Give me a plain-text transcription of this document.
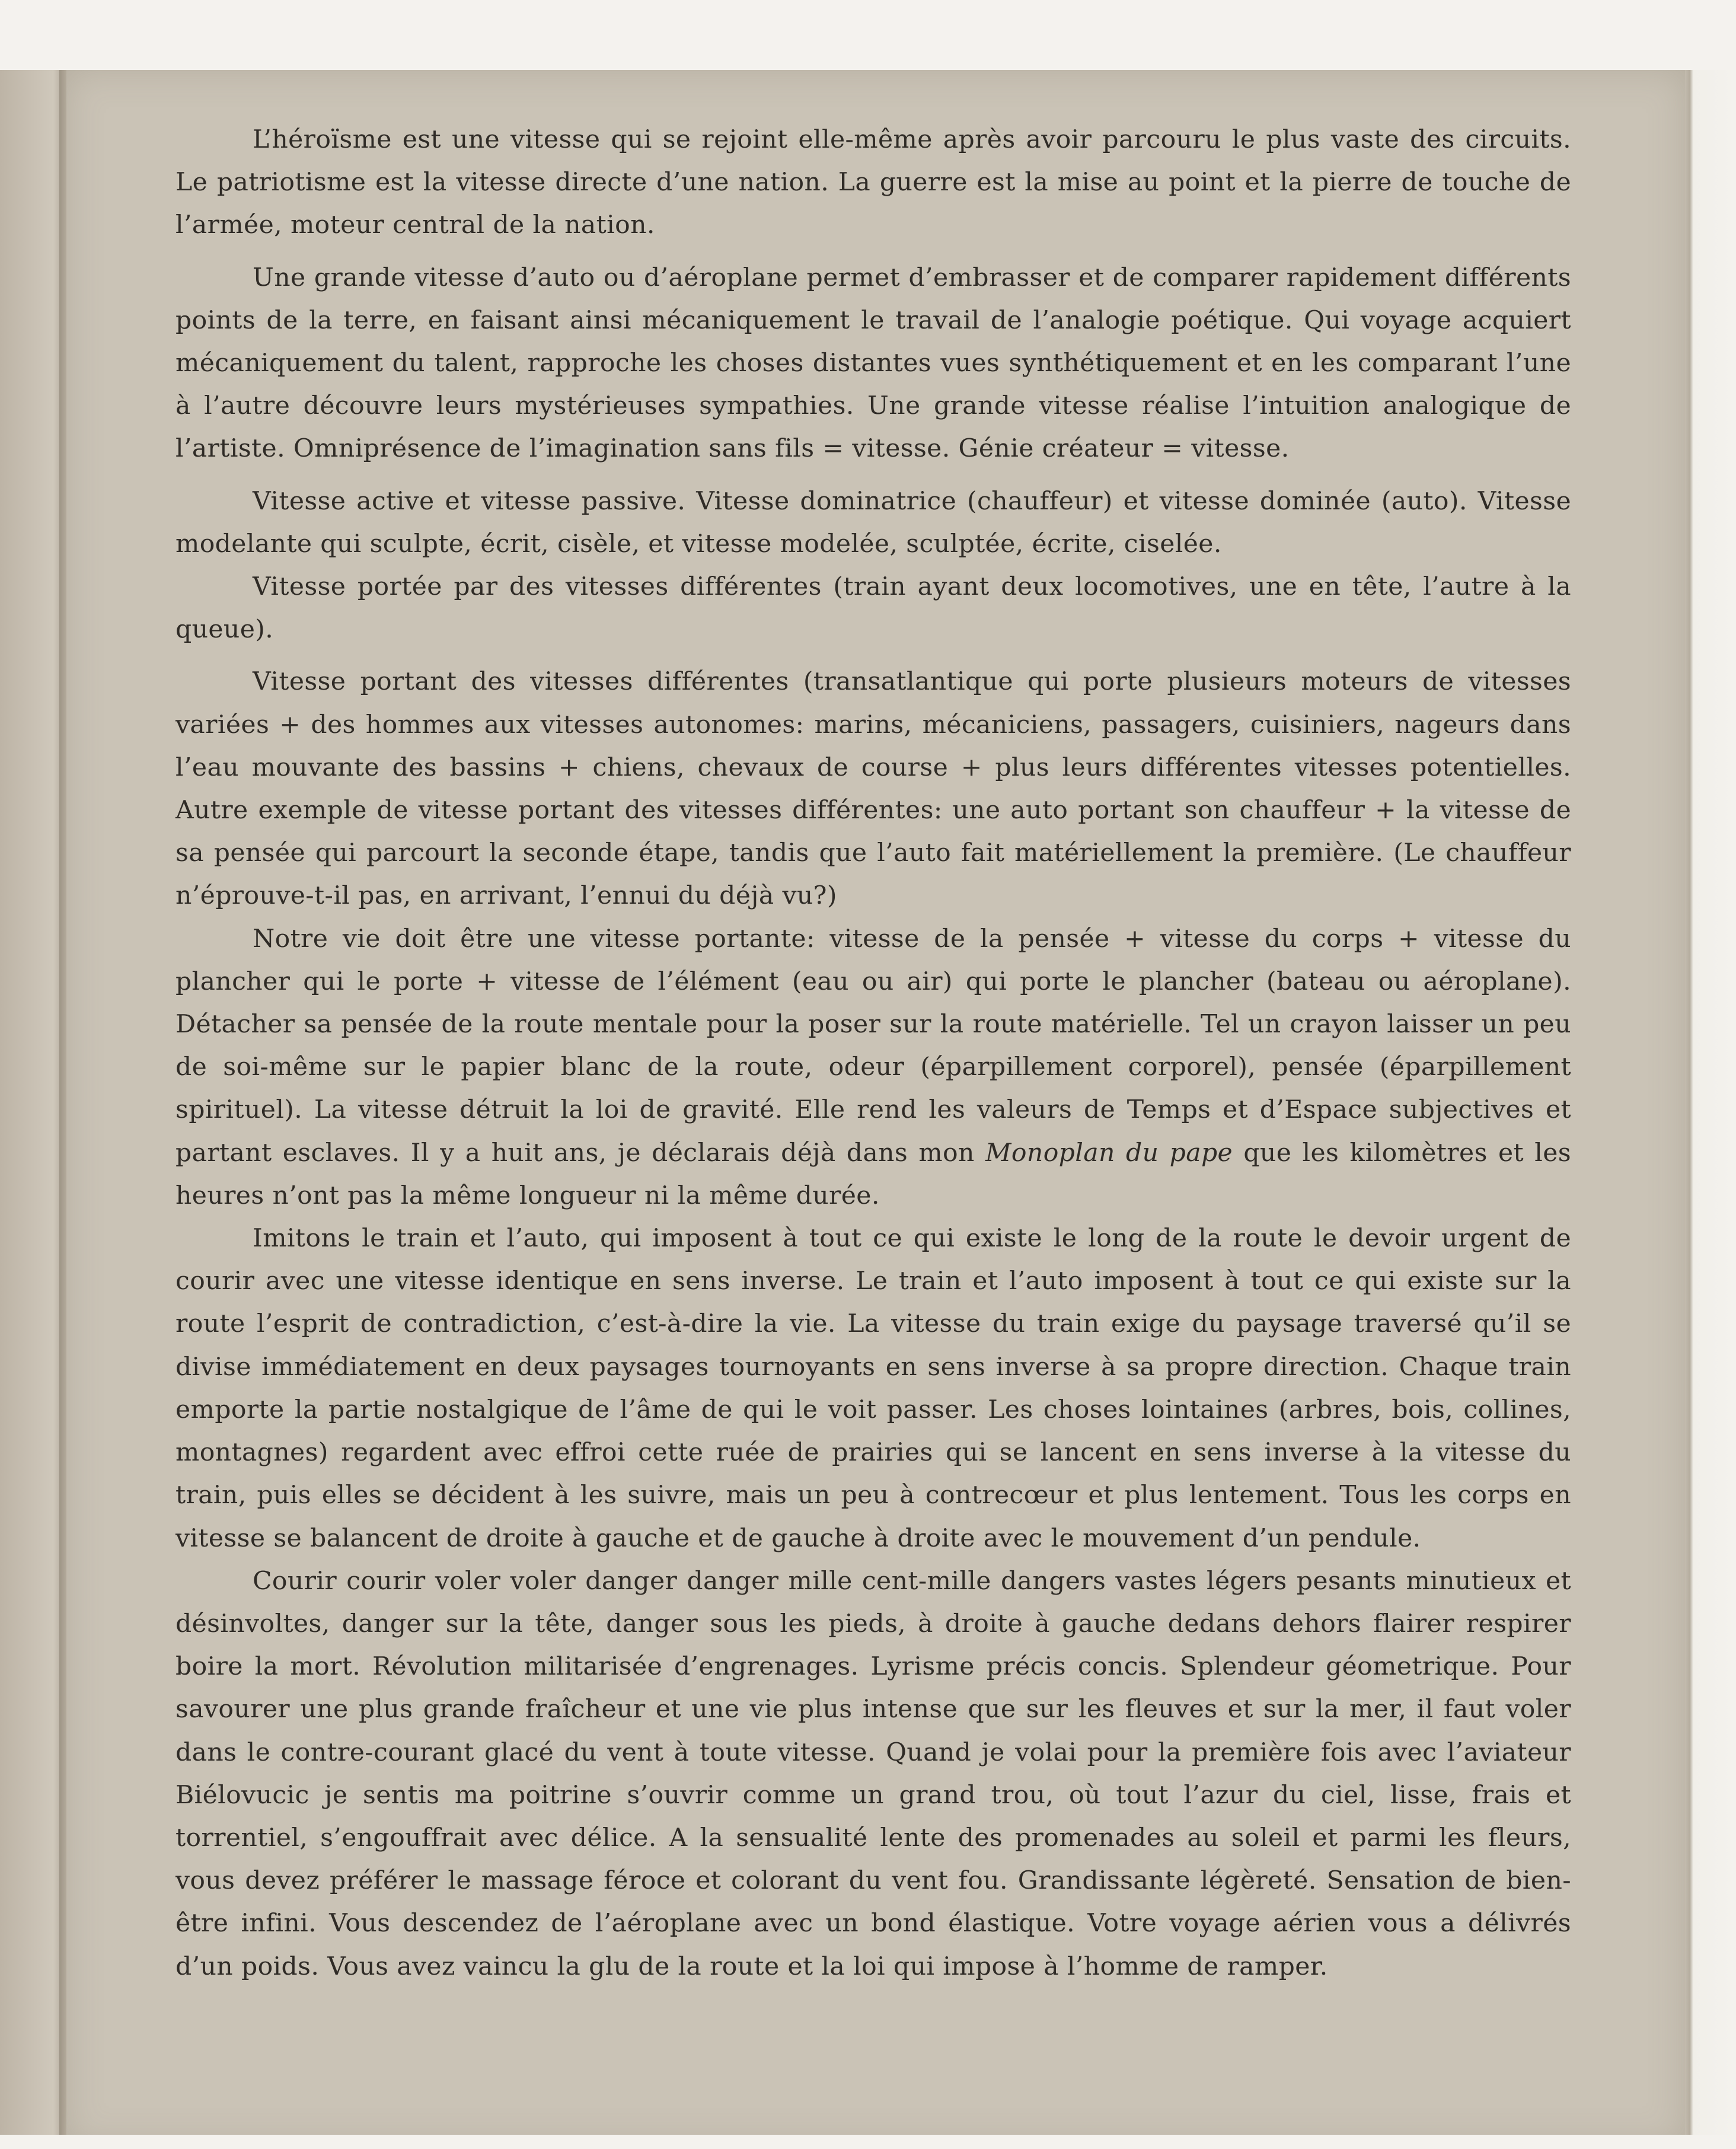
L’héroïsme est une vitesse qui se rejoint elle-même après avoir parcouru le plus vaste des circuits. Le patriotisme est la vitesse directe d’une nation. La guerre est la mise au point et la pierre de touche de l’armée, moteur central de la nation.

Une grande vitesse d’auto ou d’aéroplane permet d’embrasser et de comparer rapidement différents points de la terre, en faisant ainsi mécaniquement le travail de l’analogie poétique. Qui voyage acquiert mécaniquement du talent, rapproche les choses distantes vues synthétiquement et en les comparant l’une à l’autre découvre leurs mystérieuses sympathies. Une grande vitesse réalise l’intuition analogique de l’artiste. Omniprésence de l’imagination sans fils = vitesse. Génie créateur = vitesse.

Vitesse active et vitesse passive. Vitesse dominatrice (chauffeur) et vitesse dominée (auto). Vitesse modelante qui sculpte, écrit, cisèle, et vitesse modelée, sculptée, écrite, ciselée.

Vitesse portée par des vitesses différentes (train ayant deux locomotives, une en tête, l’autre à la queue).

Vitesse portant des vitesses différentes (transatlantique qui porte plusieurs moteurs de vitesses variées + des hommes aux vitesses autonomes: marins, mécaniciens, passagers, cuisiniers, nageurs dans l’eau mouvante des bassins + chiens, chevaux de course + plus leurs différentes vitesses potentielles. Autre exemple de vitesse portant des vitesses différentes: une auto portant son chauffeur + la vitesse de sa pensée qui parcourt la seconde étape, tandis que l’auto fait matériellement la première. (Le chauffeur n’éprouve-t-il pas, en arrivant, l’ennui du déjà vu?)

Notre vie doit être une vitesse portante: vitesse de la pensée + vitesse du corps + vitesse du plancher qui le porte + vitesse de l’élément (eau ou air) qui porte le plancher (bateau ou aéroplane). Détacher sa pensée de la route mentale pour la poser sur la route matérielle. Tel un crayon laisser un peu de soi-même sur le papier blanc de la route, odeur (éparpillement corporel), pensée (éparpillement spirituel). La vitesse détruit la loi de gravité. Elle rend les valeurs de Temps et d’Espace subjectives et partant esclaves. Il y a huit ans, je déclarais déjà dans mon Monoplan du pape que les kilomètres et les heures n’ont pas la même longueur ni la même durée.

Imitons le train et l’auto, qui imposent à tout ce qui existe le long de la route le devoir urgent de courir avec une vitesse identique en sens inverse. Le train et l’auto imposent à tout ce qui existe sur la route l’esprit de contradiction, c’est-à-dire la vie. La vitesse du train exige du paysage traversé qu’il se divise immédiatement en deux paysages tournoyants en sens inverse à sa propre direction. Chaque train emporte la partie nostalgique de l’âme de qui le voit passer. Les choses lointaines (arbres, bois, collines, montagnes) regardent avec effroi cette ruée de prairies qui se lancent en sens inverse à la vitesse du train, puis elles se décident à les suivre, mais un peu à contrecœur et plus lentement. Tous les corps en vitesse se balancent de droite à gauche et de gauche à droite avec le mouvement d’un pendule.

Courir courir voler voler danger danger mille cent-mille dangers vastes légers pesants minutieux et désinvoltes, danger sur la tête, danger sous les pieds, à droite à gauche dedans dehors flairer respirer boire la mort. Révolution militarisée d’engrenages. Lyrisme précis concis. Splendeur géometrique. Pour savourer une plus grande fraîcheur et une vie plus intense que sur les fleuves et sur la mer, il faut voler dans le contre-courant glacé du vent à toute vitesse. Quand je volai pour la première fois avec l’aviateur Biélovucic je sentis ma poitrine s’ouvrir comme un grand trou, où tout l’azur du ciel, lisse, frais et torrentiel, s’engouffrait avec délice. A la sensualité lente des promenades au soleil et parmi les fleurs, vous devez préférer le massage féroce et colorant du vent fou. Grandissante légèreté. Sensation de bien-être infini. Vous descendez de l’aéroplane avec un bond élastique. Votre voyage aérien vous a délivrés d’un poids. Vous avez vaincu la glu de la route et la loi qui impose à l’homme de ramper.
